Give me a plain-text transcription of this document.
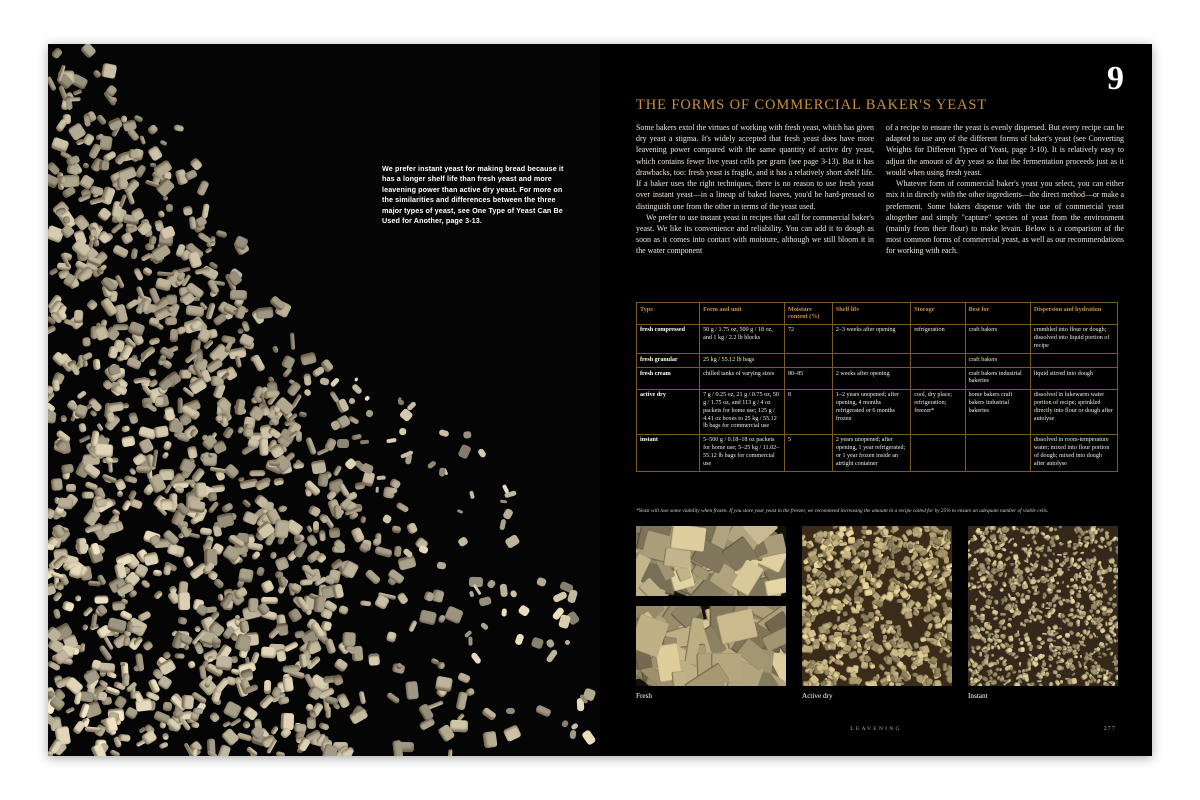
We prefer instant yeast for making bread because it has a longer shelf life than fresh yeast and more leavening power than active dry yeast. For more on the similarities and differences between the three major types of yeast, see One Type of Yeast Can Be Used for Another, page 3-13.
9
THE FORMS OF COMMERCIAL BAKER'S YEAST

Some bakers extol the virtues of working with fresh yeast, which has given dry yeast a stigma. It's widely accepted that fresh yeast does have more leavening power compared with the same quantity of active dry yeast, which contains fewer live yeast cells per gram (see page 3-13). But it has drawbacks, too: fresh yeast is fragile, and it has a relatively short shelf life. If a baker uses the right techniques, there is no reason to use fresh yeast over instant yeast—in a lineup of baked loaves, you'd be hard-pressed to distinguish one from the other in terms of the yeast used.

We prefer to use instant yeast in recipes that call for commercial baker's yeast. We like its convenience and reliability. You can add it to dough as soon as it comes into contact with moisture, although we still bloom it in the water component

of a recipe to ensure the yeast is evenly dispersed. But every recipe can be adapted to use any of the different forms of baker's yeast (see Converting Weights for Different Types of Yeast, page 3-10). It is relatively easy to adjust the amount of dry yeast so that the fermentation proceeds just as it would when using fresh yeast.

Whatever form of commercial baker's yeast you select, you can either mix it in directly with the other ingredients—the direct method—or make a preferment. Some bakers dispense with the use of commercial yeast altogether and simply "capture" species of yeast from the environment (mainly from their flour) to make levain. Below is a comparison of the most common forms of commercial yeast, as well as our recommendations for working with each.

Type	Form and unit	Moisture content (%)	Shelf life	Storage	Best for	Dispersion and hydration
fresh compressed	50 g / 1.75 oz, 500 g / 18 oz, and 1 kg / 2.2 lb blocks	72	2–3 weeks after opening	refrigeration	craft bakers	crumbled into flour or dough; dissolved into liquid portion of recipe
fresh granular	25 kg / 55.12 lb bags				craft bakers	
fresh cream	chilled tanks of varying sizes	80–85	2 weeks after opening		craft bakers industrial bakeries	liquid stirred into dough
active dry	7 g / 0.25 oz, 21 g / 0.75 oz, 50 g / 1.75 oz, and 113 g / 4 oz packets for home use; 125 g / 4.41 oz boxes to 25 kg / 55.12 lb bags for commercial use	8	1–2 years unopened; after opening, 4 months refrigerated or 6 months frozen	cool, dry place; refrigeration; freezer*	home bakers craft bakers industrial bakeries	dissolved in lukewarm water portion of recipe; sprinkled directly into flour or dough after autolyse
instant	5–500 g / 0.18–18 oz packets for home use; 5–25 kg / 11.02–55.12 lb bags for commercial use	5	2 years unopened; after opening, 1 year refrigerated; or 1 year frozen inside an airtight container			dissolved in room-temperature water; mixed into flour portion of dough; mixed into dough after autolyse
*Yeast will lose some viability when frozen. If you store your yeast in the freezer, we recommend increasing the amount in a recipe called for by 25% to ensure an adequate number of viable cells.
Fresh	Active dry	Instant
LEAVENING	277
